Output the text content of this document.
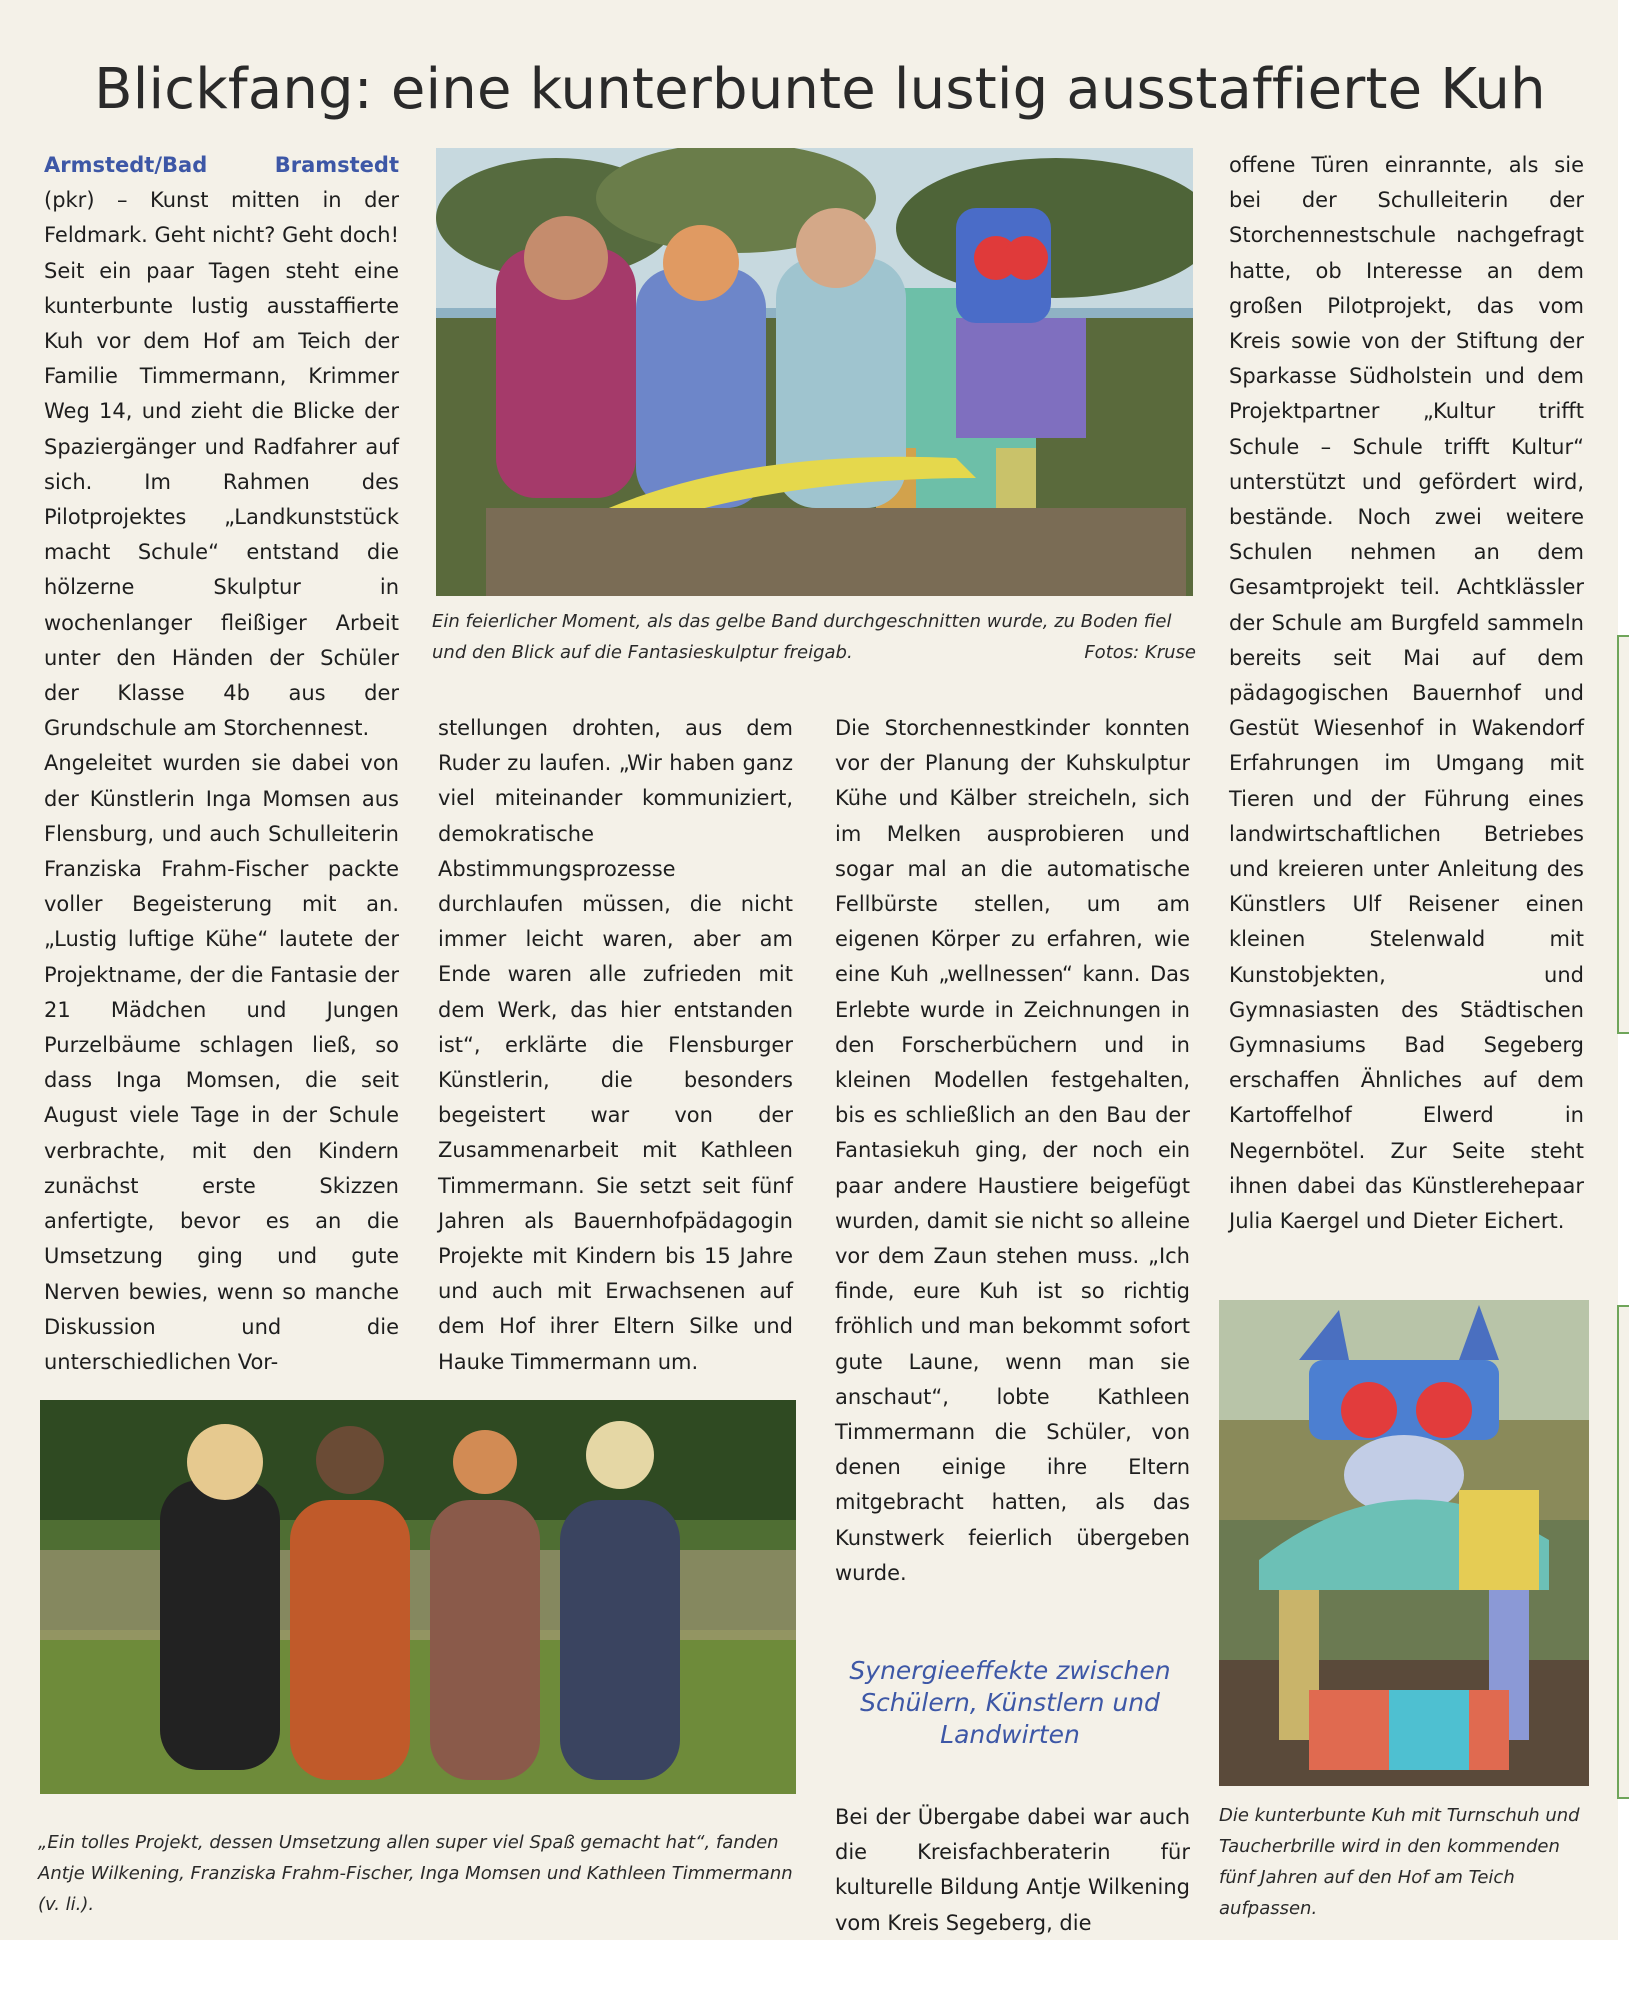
Blickfang: eine kunterbunte lustig ausstaffierte Kuh

Armstedt/Bad Bramstedt

(pkr) – Kunst mitten in der Feldmark. Geht nicht? Geht doch! Seit ein paar Tagen steht eine kunterbunte lustig ausstaffierte Kuh vor dem Hof am Teich der Familie Timmermann, Krimmer Weg 14, und zieht die Blicke der Spaziergänger und Radfahrer auf sich. Im Rahmen des Pilotprojektes „Landkunststück macht Schule“ entstand die hölzerne Skulptur in wochenlanger fleißiger Arbeit unter den Händen der Schüler der Klasse 4b aus der Grundschule am Storchennest.

Angeleitet wurden sie dabei von der Künstlerin Inga Momsen aus Flensburg, und auch Schulleiterin Franziska Frahm-Fischer packte voller Begeisterung mit an. „Lustig luftige Kühe“ lautete der Projektname, der die Fantasie der 21 Mädchen und Jungen Purzelbäume schlagen ließ, so dass Inga Momsen, die seit August viele Tage in der Schule verbrachte, mit den Kindern zunächst erste Skizzen anfertigte, bevor es an die Umsetzung ging und gute Nerven bewies, wenn so manche Diskussion und die unterschiedlichen Vor-

Ein feierlicher Moment, als das gelbe Band durchgeschnitten wurde, zu Boden fiel und den Blick auf die Fantasieskulptur freigab.	Fotos: Kruse

stellungen drohten, aus dem Ruder zu laufen. „Wir haben ganz viel miteinander kommuniziert, demokratische Abstimmungsprozesse durchlaufen müssen, die nicht immer leicht waren, aber am Ende waren alle zufrieden mit dem Werk, das hier entstanden ist“, erklärte die Flensburger Künstlerin, die besonders begeistert war von der Zusammenarbeit mit Kathleen Timmermann. Sie setzt seit fünf Jahren als Bauernhofpädagogin Projekte mit Kindern bis 15 Jahre und auch mit Erwachsenen auf dem Hof ihrer Eltern Silke und Hauke Timmermann um.

Die Storchennestkinder konnten vor der Planung der Kuhskulptur Kühe und Kälber streicheln, sich im Melken ausprobieren und sogar mal an die automatische Fellbürste stellen, um am eigenen Körper zu erfahren, wie eine Kuh „wellnessen“ kann. Das Erlebte wurde in Zeichnungen in den Forscherbüchern und in kleinen Modellen festgehalten, bis es schließlich an den Bau der Fantasiekuh ging, der noch ein paar andere Haustiere beigefügt wurden, damit sie nicht so alleine vor dem Zaun stehen muss. „Ich finde, eure Kuh ist so richtig fröhlich und man bekommt sofort gute Laune, wenn man sie anschaut“, lobte Kathleen Timmermann die Schüler, von denen einige ihre Eltern mitgebracht hatten, als das Kunstwerk feierlich übergeben wurde.

Synergieeffekte zwischen Schülern, Künstlern und Landwirten

Bei der Übergabe dabei war auch die Kreisfachberaterin für kulturelle Bildung Antje Wilkening vom Kreis Segeberg, die

offene Türen einrannte, als sie bei der Schulleiterin der Storchennestschule nachgefragt hatte, ob Interesse an dem großen Pilotprojekt, das vom Kreis sowie von der Stiftung der Sparkasse Südholstein und dem Projektpartner „Kultur trifft Schule – Schule trifft Kultur“ unterstützt und gefördert wird, bestände. Noch zwei weitere Schulen nehmen an dem Gesamtprojekt teil. Achtklässler der Schule am Burgfeld sammeln bereits seit Mai auf dem pädagogischen Bauernhof und Gestüt Wiesenhof in Wakendorf Erfahrungen im Umgang mit Tieren und der Führung eines landwirtschaftlichen Betriebes und kreieren unter Anleitung des Künstlers Ulf Reisener einen kleinen Stelenwald mit Kunstobjekten, und Gymnasiasten des Städtischen Gymnasiums Bad Segeberg erschaffen Ähnliches auf dem Kartoffelhof Elwerd in Negernbötel. Zur Seite steht ihnen dabei das Künstlerehepaar Julia Kaergel und Dieter Eichert.

„Ein tolles Projekt, dessen Umsetzung allen super viel Spaß gemacht hat“, fanden Antje Wilkening, Franziska Frahm-Fischer, Inga Momsen und Kathleen Timmermann (v. li.).

Die kunterbunte Kuh mit Turnschuh und Taucherbrille wird in den kommenden fünf Jahren auf den Hof am Teich aufpassen.
